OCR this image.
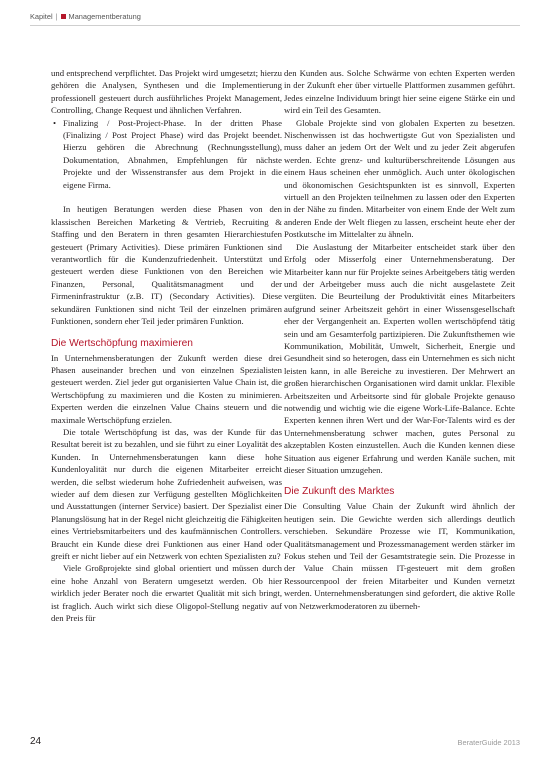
Kapitel | Managementberatung

und entsprechend verpflichtet. Das Projekt wird umgesetzt; hierzu gehören die Analysen, Synthesen und die Implementierung professionell gesteuert durch ausführliches Projekt Management, Controlling, Change Request und ähnlichen Verfahren.

• Finalizing / Post-Project-Phase. In der dritten Phase (Finalizing / Post Project Phase) wird das Projekt beendet. Hierzu gehören die Abrechnung (Rechnungsstellung), Dokumentation, Abnahmen, Empfehlungen für nächste Projekte und der Wissenstransfer aus dem Projekt in die eigene Firma.

In heutigen Beratungen werden diese Phasen von den klassischen Bereichen Marketing & Vertrieb, Recruiting & Staffing und den Beratern in thren gesamten Hierarchiestufen gesteuert (Primary Activities). Diese primären Funktionen sind verantwortlich für die Kundenzufriedenheit. Unterstützt und gesteuert werden diese Funktionen von den Bereichen wie Finanzen, Personal, Qualitätsmanagment und der Firmeninfrastruktur (z.B. IT) (Secondary Activities). Diese sekundären Funktionen sind nicht Teil der einzelnen primären Funktionen, sondern eher Teil jeder primären Funktion.

Die Wertschöpfung maximieren

In Unternehmensberatungen der Zukunft werden diese drei Phasen auseinander brechen und von einzelnen Spezialisten gesteuert werden. Ziel jeder gut organisierten Value Chain ist, die Wertschöpfung zu maximieren und die Kosten zu minimieren. Experten werden die einzelnen Value Chains steuern und die maximale Wertschöpfung erzielen.

Die totale Wertschöpfung ist das, was der Kunde für das Resultat bereit ist zu bezahlen, und sie führt zu einer Loyalität des Kunden. In Unternehmensberatungen kann diese hohe Kundenloyalität nur durch die eigenen Mitarbeiter erreicht werden, die selbst wiederum hohe Zufriedenheit aufweisen, was wieder auf dem diesen zur Verfügung gestellten Möglichkeiten und Ausstattungen (interner Service) basiert. Der Spezialist einer Planungslösung hat in der Regel nicht gleichzeitig die Fähigkeiten eines Vertriebsmitarbeiters und des kaufmännischen Controllers. Braucht ein Kunde diese drei Funktionen aus einer Hand oder greift er nicht lieber auf ein Netzwerk von echten Spezialisten zu?

Viele Großprojekte sind global orientiert und müssen durch eine hohe Anzahl von Beratern umgesetzt werden. Ob hier wirklich jeder Berater noch die erwartet Qualität mit sich bringt, ist fraglich. Auch wirkt sich diese Oligopol-Stellung negativ auf den Preis für

den Kunden aus. Solche Schwärme von echten Experten werden in der Zukunft eher über virtuelle Plattformen zusammen geführt. Jedes einzelne Individuum bringt hier seine eigene Stärke ein und wird ein Teil des Gesamten.

Globale Projekte sind von globalen Experten zu besetzen. Nischenwissen ist das hochwertigste Gut von Spezialisten und muss daher an jedem Ort der Welt und zu jeder Zeit abgerufen werden. Echte grenz- und kulturüberschreitende Lösungen aus einem Haus scheinen eher unmöglich. Auch unter ökologischen und ökonomischen Gesichtspunkten ist es sinnvoll, Experten virtuell an den Projekten teilnehmen zu lassen oder den Experten in der Nähe zu finden. Mitarbeiter von einem Ende der Welt zum anderen Ende der Welt fliegen zu lassen, erscheint heute eher der Postkutsche im Mittelalter zu ähneln.

Die Auslastung der Mitarbeiter entscheidet stark über den Erfolg oder Misserfolg einer Unternehmensberatung. Der Mitarbeiter kann nur für Projekte seines Arbeitgebers tätig werden und der Arbeitgeber muss auch die nicht ausgelastete Zeit vergüten. Die Beurteilung der Produktivität eines Mitarbeiters aufgrund seiner Arbeitszeit gehört in einer Wissensgesellschaft eher der Vergangenheit an. Experten wollen wertschöpfend tätig sein und am Gesamterfolg partizipieren. Die Zukunftsthemen wie Kommunikation, Mobilität, Umwelt, Sicherheit, Energie und Gesundheit sind so heterogen, dass ein Unternehmen es sich nicht leisten kann, in alle Bereiche zu investieren. Der Mehrwert an großen hierarchischen Organisationen wird damit unklar. Flexible Arbeitszeiten und Arbeitsorte sind für globale Projekte genauso notwendig und wichtig wie die eigene Work-Life-Balance. Echte Experten kennen ihren Wert und der War-For-Talents wird es der Unternehmensberatung schwer machen, gutes Personal zu akzeptablen Kosten einzustellen. Auch die Kunden kennen diese Situation aus eigener Erfahrung und werden Kanäle suchen, mit dieser Situation umzugehen.

Die Zukunft des Marktes

Die Consulting Value Chain der Zukunft wird ähnlich der heutigen sein. Die Gewichte werden sich allerdings deutlich verschieben. Sekundäre Prozesse wie IT, Kommunikation, Qualitätsmanagement und Prozessmanagement werden stärker im Fokus stehen und Teil der Gesamtstrategie sein. Die Prozesse in der Value Chain müssen IT-gesteuert mit dem großen Ressourcenpool der freien Mitarbeiter und Kunden vernetzt werden. Unternehmensberatungen sind gefordert, die aktive Rolle von Netzwerkmoderatoren zu überneh-

24	BeraterGuide 2013
